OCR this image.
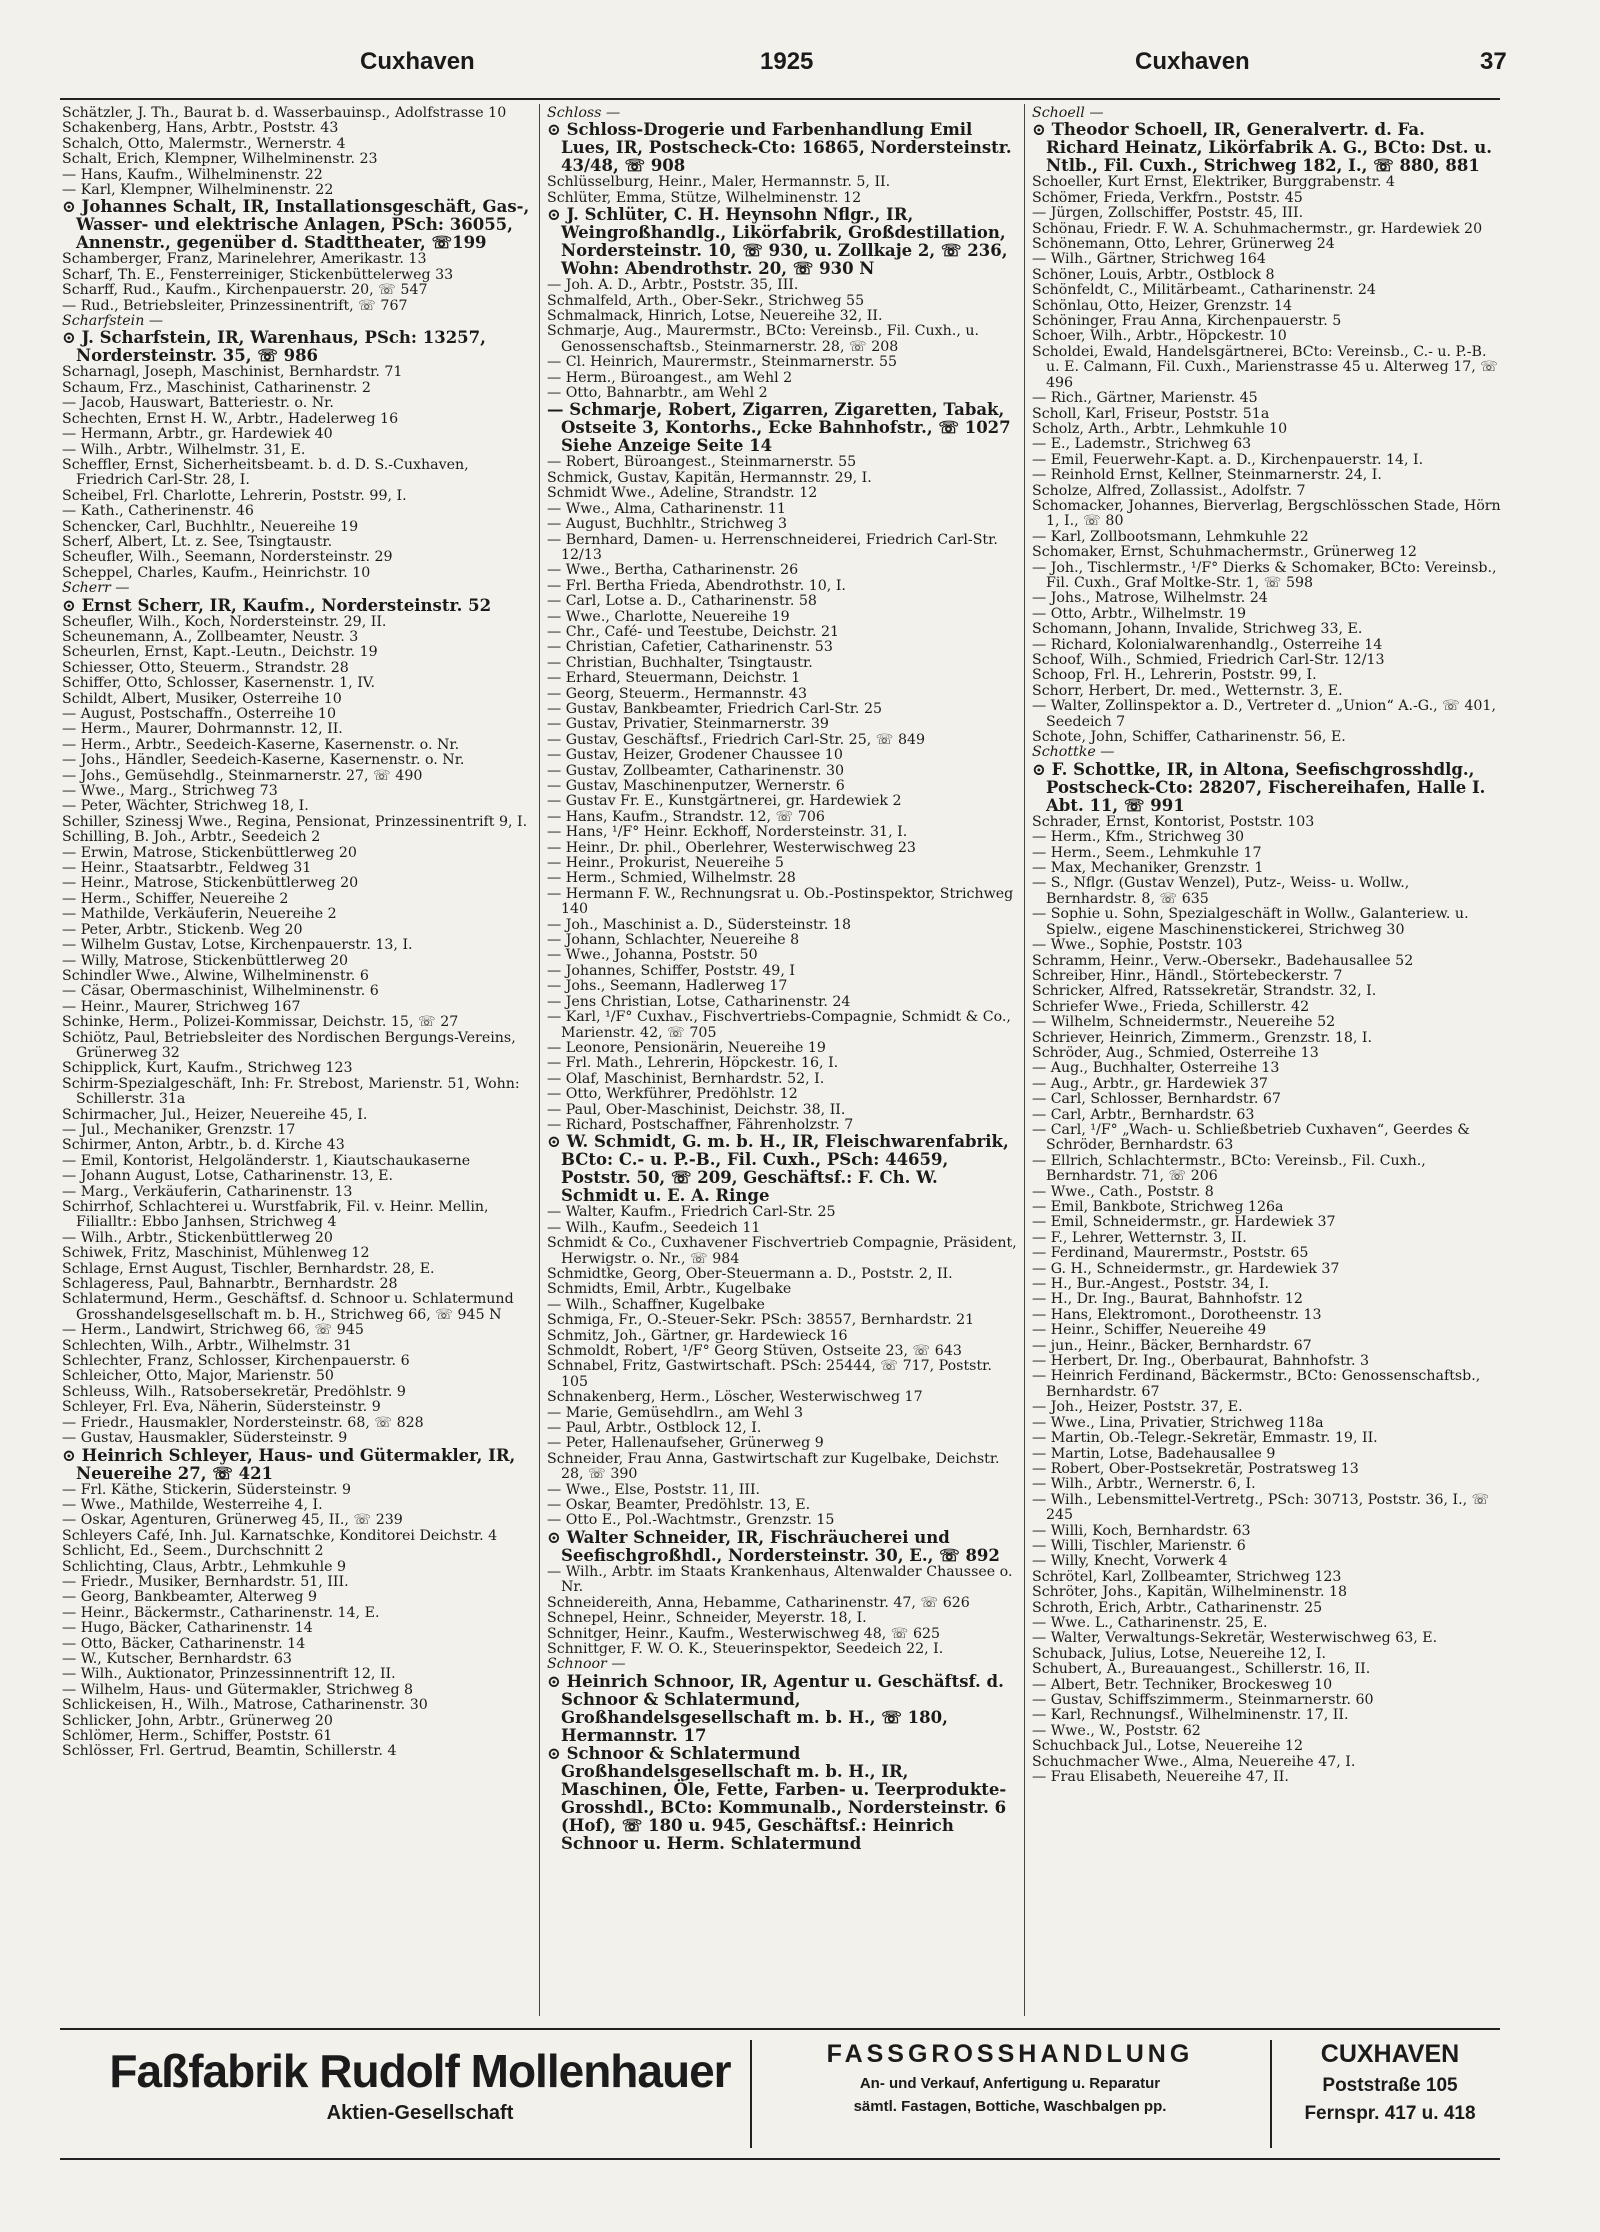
Cuxhaven	1925	Cuxhaven	37

Schätzler, J. Th., Baurat b. d. Wasserbauinsp., Adolfstrasse 10

Schakenberg, Hans, Arbtr., Poststr. 43

Schalch, Otto, Malermstr., Wernerstr. 4

Schalt, Erich, Klempner, Wilhelminenstr. 23

— Hans, Kaufm., Wilhelminenstr. 22

— Karl, Klempner, Wilhelminenstr. 22

⊙ Johannes Schalt, IR, Installationsgeschäft, Gas-, Wasser- und elektrische Anlagen, PSch: 36055, Annenstr., gegenüber d. Stadttheater, ☏199

Schamberger, Franz, Marinelehrer, Amerikastr. 13

Scharf, Th. E., Fensterreiniger, Stickenbüttelerweg 33

Scharff, Rud., Kaufm., Kirchenpauerstr. 20, ☏ 547

— Rud., Betriebsleiter, Prinzessinentrift, ☏ 767

Scharfstein —

⊙ J. Scharfstein, IR, Warenhaus, PSch: 13257, Nordersteinstr. 35, ☏ 986

Scharnagl, Joseph, Maschinist, Bernhardstr. 71

Schaum, Frz., Maschinist, Catharinenstr. 2

— Jacob, Hauswart, Batteriestr. o. Nr.

Schechten, Ernst H. W., Arbtr., Hadelerweg 16

— Hermann, Arbtr., gr. Hardewiek 40

— Wilh., Arbtr., Wilhelmstr. 31, E.

Scheffler, Ernst, Sicherheitsbeamt. b. d. D. S.-Cuxhaven, Friedrich Carl-Str. 28, I.

Scheibel, Frl. Charlotte, Lehrerin, Poststr. 99, I.

— Kath., Catherinenstr. 46

Schencker, Carl, Buchhltr., Neuereihe 19

Scherf, Albert, Lt. z. See, Tsingtaustr.

Scheufler, Wilh., Seemann, Nordersteinstr. 29

Scheppel, Charles, Kaufm., Heinrichstr. 10

Scherr —

⊙ Ernst Scherr, IR, Kaufm., Nordersteinstr. 52

Scheufler, Wilh., Koch, Nordersteinstr. 29, II.

Scheunemann, A., Zollbeamter, Neustr. 3

Scheurlen, Ernst, Kapt.-Leutn., Deichstr. 19

Schiesser, Otto, Steuerm., Strandstr. 28

Schiffer, Otto, Schlosser, Kasernenstr. 1, IV.

Schildt, Albert, Musiker, Osterreihe 10

— August, Postschaffn., Osterreihe 10

— Herm., Maurer, Dohrmannstr. 12, II.

— Herm., Arbtr., Seedeich-Kaserne, Kasernenstr. o. Nr.

— Johs., Händler, Seedeich-Kaserne, Kasernenstr. o. Nr.

— Johs., Gemüsehdlg., Steinmarnerstr. 27, ☏ 490

— Wwe., Marg., Strichweg 73

— Peter, Wächter, Strichweg 18, I.

Schiller, Szinessj Wwe., Regina, Pensionat, Prinzessinentrift 9, I.

Schilling, B. Joh., Arbtr., Seedeich 2

— Erwin, Matrose, Stickenbüttlerweg 20

— Heinr., Staatsarbtr., Feldweg 31

— Heinr., Matrose, Stickenbüttlerweg 20

— Herm., Schiffer, Neuereihe 2

— Mathilde, Verkäuferin, Neuereihe 2

— Peter, Arbtr., Stickenb. Weg 20

— Wilhelm Gustav, Lotse, Kirchenpauerstr. 13, I.

— Willy, Matrose, Stickenbüttlerweg 20

Schindler Wwe., Alwine, Wilhelminenstr. 6

— Cäsar, Obermaschinist, Wilhelminenstr. 6

— Heinr., Maurer, Strichweg 167

Schinke, Herm., Polizei-Kommissar, Deichstr. 15, ☏ 27

Schiötz, Paul, Betriebsleiter des Nordischen Bergungs-Vereins, Grünerweg 32

Schipplick, Kurt, Kaufm., Strichweg 123

Schirm-Spezialgeschäft, Inh: Fr. Strebost, Marienstr. 51, Wohn: Schillerstr. 31a

Schirmacher, Jul., Heizer, Neuereihe 45, I.

— Jul., Mechaniker, Grenzstr. 17

Schirmer, Anton, Arbtr., b. d. Kirche 43

— Emil, Kontorist, Helgoländerstr. 1, Kiautschaukaserne

— Johann August, Lotse, Catharinenstr. 13, E.

— Marg., Verkäuferin, Catharinenstr. 13

Schirrhof, Schlachterei u. Wurstfabrik, Fil. v. Heinr. Mellin, Filialltr.: Ebbo Janhsen, Strichweg 4

— Wilh., Arbtr., Stickenbüttlerweg 20

Schiwek, Fritz, Maschinist, Mühlenweg 12

Schlage, Ernst August, Tischler, Bernhardstr. 28, E.

Schlageress, Paul, Bahnarbtr., Bernhardstr. 28

Schlatermund, Herm., Geschäftsf. d. Schnoor u. Schlatermund Grosshandelsgesellschaft m. b. H., Strichweg 66, ☏ 945 N

— Herm., Landwirt, Strichweg 66, ☏ 945

Schlechten, Wilh., Arbtr., Wilhelmstr. 31

Schlechter, Franz, Schlosser, Kirchenpauerstr. 6

Schleicher, Otto, Major, Marienstr. 50

Schleuss, Wilh., Ratsobersekretär, Predöhlstr. 9

Schleyer, Frl. Eva, Näherin, Südersteinstr. 9

— Friedr., Hausmakler, Nordersteinstr. 68, ☏ 828

— Gustav, Hausmakler, Südersteinstr. 9

⊙ Heinrich Schleyer, Haus- und Gütermakler, IR, Neuereihe 27, ☏ 421

— Frl. Käthe, Stickerin, Südersteinstr. 9

— Wwe., Mathilde, Westerreihe 4, I.

— Oskar, Agenturen, Grünerweg 45, II., ☏ 239

Schleyers Café, Inh. Jul. Karnatschke, Konditorei Deichstr. 4

Schlicht, Ed., Seem., Durchschnitt 2

Schlichting, Claus, Arbtr., Lehmkuhle 9

— Friedr., Musiker, Bernhardstr. 51, III.

— Georg, Bankbeamter, Alterweg 9

— Heinr., Bäckermstr., Catharinenstr. 14, E.

— Hugo, Bäcker, Catharinenstr. 14

— Otto, Bäcker, Catharinenstr. 14

— W., Kutscher, Bernhardstr. 63

— Wilh., Auktionator, Prinzessinnentrift 12, II.

— Wilhelm, Haus- und Gütermakler, Strichweg 8

Schlickeisen, H., Wilh., Matrose, Catharinenstr. 30

Schlicker, John, Arbtr., Grünerweg 20

Schlömer, Herm., Schiffer, Poststr. 61

Schlösser, Frl. Gertrud, Beamtin, Schillerstr. 4

Schloss —

⊙ Schloss-Drogerie und Farbenhandlung Emil Lues, IR, Postscheck-Cto: 16865, Nordersteinstr. 43/48, ☏ 908

Schlüsselburg, Heinr., Maler, Hermannstr. 5, II.

Schlüter, Emma, Stütze, Wilhelminenstr. 12

⊙ J. Schlüter, C. H. Heynsohn Nflgr., IR, Weingroßhandlg., Likörfabrik, Großdestillation, Nordersteinstr. 10, ☏ 930, u. Zollkaje 2, ☏ 236, Wohn: Abendrothstr. 20, ☏ 930 N

— Joh. A. D., Arbtr., Poststr. 35, III.

Schmalfeld, Arth., Ober-Sekr., Strichweg 55

Schmalmack, Hinrich, Lotse, Neuereihe 32, II.

Schmarje, Aug., Maurermstr., BCto: Vereinsb., Fil. Cuxh., u. Genossenschaftsb., Steinmarnerstr. 28, ☏ 208

— Cl. Heinrich, Maurermstr., Steinmarnerstr. 55

— Herm., Büroangest., am Wehl 2

— Otto, Bahnarbtr., am Wehl 2

— Schmarje, Robert, Zigarren, Zigaretten, Tabak, Ostseite 3, Kontorhs., Ecke Bahnhofstr., ☏ 1027 Siehe Anzeige Seite 14

— Robert, Büroangest., Steinmarnerstr. 55

Schmick, Gustav, Kapitän, Hermannstr. 29, I.

Schmidt Wwe., Adeline, Strandstr. 12

— Wwe., Alma, Catharinenstr. 11

— August, Buchhltr., Strichweg 3

— Bernhard, Damen- u. Herrenschneiderei, Friedrich Carl-Str. 12/13

— Wwe., Bertha, Catharinenstr. 26

— Frl. Bertha Frieda, Abendrothstr. 10, I.

— Carl, Lotse a. D., Catharinenstr. 58

— Wwe., Charlotte, Neuereihe 19

— Chr., Café- und Teestube, Deichstr. 21

— Christian, Cafetier, Catharinenstr. 53

— Christian, Buchhalter, Tsingtaustr.

— Erhard, Steuermann, Deichstr. 1

— Georg, Steuerm., Hermannstr. 43

— Gustav, Bankbeamter, Friedrich Carl-Str. 25

— Gustav, Privatier, Steinmarnerstr. 39

— Gustav, Geschäftsf., Friedrich Carl-Str. 25, ☏ 849

— Gustav, Heizer, Grodener Chaussee 10

— Gustav, Zollbeamter, Catharinenstr. 30

— Gustav, Maschinenputzer, Wernerstr. 6

— Gustav Fr. E., Kunstgärtnerei, gr. Hardewiek 2

— Hans, Kaufm., Strandstr. 12, ☏ 706

— Hans, ¹/F° Heinr. Eckhoff, Nordersteinstr. 31, I.

— Heinr., Dr. phil., Oberlehrer, Westerwischweg 23

— Heinr., Prokurist, Neuereihe 5

— Herm., Schmied, Wilhelmstr. 28

— Hermann F. W., Rechnungsrat u. Ob.-Postinspektor, Strichweg 140

— Joh., Maschinist a. D., Südersteinstr. 18

— Johann, Schlachter, Neuereihe 8

— Wwe., Johanna, Poststr. 50

— Johannes, Schiffer, Poststr. 49, I

— Johs., Seemann, Hadlerweg 17

— Jens Christian, Lotse, Catharinenstr. 24

— Karl, ¹/F° Cuxhav., Fischvertriebs-Compagnie, Schmidt & Co., Marienstr. 42, ☏ 705

— Leonore, Pensionärin, Neuereihe 19

— Frl. Math., Lehrerin, Höpckestr. 16, I.

— Olaf, Maschinist, Bernhardstr. 52, I.

— Otto, Werkführer, Predöhlstr. 12

— Paul, Ober-Maschinist, Deichstr. 38, II.

— Richard, Postschaffner, Fährenholzstr. 7

⊙ W. Schmidt, G. m. b. H., IR, Fleischwarenfabrik, BCto: C.- u. P.-B., Fil. Cuxh., PSch: 44659, Poststr. 50, ☏ 209, Geschäftsf.: F. Ch. W. Schmidt u. E. A. Ringe

— Walter, Kaufm., Friedrich Carl-Str. 25

— Wilh., Kaufm., Seedeich 11

Schmidt & Co., Cuxhavener Fischvertrieb Compagnie, Präsident, Herwigstr. o. Nr., ☏ 984

Schmidtke, Georg, Ober-Steuermann a. D., Poststr. 2, II.

Schmidts, Emil, Arbtr., Kugelbake

— Wilh., Schaffner, Kugelbake

Schmiga, Fr., O.-Steuer-Sekr. PSch: 38557, Bernhardstr. 21

Schmitz, Joh., Gärtner, gr. Hardewieck 16

Schmoldt, Robert, ¹/F° Georg Stüven, Ostseite 23, ☏ 643

Schnabel, Fritz, Gastwirtschaft. PSch: 25444, ☏ 717, Poststr. 105

Schnakenberg, Herm., Löscher, Westerwischweg 17

— Marie, Gemüsehdlrn., am Wehl 3

— Paul, Arbtr., Ostblock 12, I.

— Peter, Hallenaufseher, Grünerweg 9

Schneider, Frau Anna, Gastwirtschaft zur Kugelbake, Deichstr. 28, ☏ 390

— Wwe., Else, Poststr. 11, III.

— Oskar, Beamter, Predöhlstr. 13, E.

— Otto E., Pol.-Wachtmstr., Grenzstr. 15

⊙ Walter Schneider, IR, Fischräucherei und Seefischgroßhdl., Nordersteinstr. 30, E., ☏ 892

— Wilh., Arbtr. im Staats Krankenhaus, Altenwalder Chaussee o. Nr.

Schneidereith, Anna, Hebamme, Catharinenstr. 47, ☏ 626

Schnepel, Heinr., Schneider, Meyerstr. 18, I.

Schnitger, Heinr., Kaufm., Westerwischweg 48, ☏ 625

Schnittger, F. W. O. K., Steuerinspektor, Seedeich 22, I.

Schnoor —

⊙ Heinrich Schnoor, IR, Agentur u. Geschäftsf. d. Schnoor & Schlatermund, Großhandelsgesellschaft m. b. H., ☏ 180, Hermannstr. 17

⊙ Schnoor & Schlatermund Großhandelsgesellschaft m. b. H., IR, Maschinen, Öle, Fette, Farben- u. Teerprodukte-Grosshdl., BCto: Kommunalb., Nordersteinstr. 6 (Hof), ☏ 180 u. 945, Geschäftsf.: Heinrich Schnoor u. Herm. Schlatermund

Schoell —

⊙ Theodor Schoell, IR, Generalvertr. d. Fa. Richard Heinatz, Likörfabrik A. G., BCto: Dst. u. Ntlb., Fil. Cuxh., Strichweg 182, I., ☏ 880, 881

Schoeller, Kurt Ernst, Elektriker, Burggrabenstr. 4

Schömer, Frieda, Verkfrn., Poststr. 45

— Jürgen, Zollschiffer, Poststr. 45, III.

Schönau, Friedr. F. W. A. Schuhmachermstr., gr. Hardewiek 20

Schönemann, Otto, Lehrer, Grünerweg 24

— Wilh., Gärtner, Strichweg 164

Schöner, Louis, Arbtr., Ostblock 8

Schönfeldt, C., Militärbeamt., Catharinenstr. 24

Schönlau, Otto, Heizer, Grenzstr. 14

Schöninger, Frau Anna, Kirchenpauerstr. 5

Schoer, Wilh., Arbtr., Höpckestr. 10

Scholdei, Ewald, Handelsgärtnerei, BCto: Vereinsb., C.- u. P.-B. u. E. Calmann, Fil. Cuxh., Marienstrasse 45 u. Alterweg 17, ☏ 496

— Rich., Gärtner, Marienstr. 45

Scholl, Karl, Friseur, Poststr. 51a

Scholz, Arth., Arbtr., Lehmkuhle 10

— E., Lademstr., Strichweg 63

— Emil, Feuerwehr-Kapt. a. D., Kirchenpauerstr. 14, I.

— Reinhold Ernst, Kellner, Steinmarnerstr. 24, I.

Scholze, Alfred, Zollassist., Adolfstr. 7

Schomacker, Johannes, Bierverlag, Bergschlösschen Stade, Hörn 1, I., ☏ 80

— Karl, Zollbootsmann, Lehmkuhle 22

Schomaker, Ernst, Schuhmachermstr., Grünerweg 12

— Joh., Tischlermstr., ¹/F° Dierks & Schomaker, BCto: Vereinsb., Fil. Cuxh., Graf Moltke-Str. 1, ☏ 598

— Johs., Matrose, Wilhelmstr. 24

— Otto, Arbtr., Wilhelmstr. 19

Schomann, Johann, Invalide, Strichweg 33, E.

— Richard, Kolonialwarenhandlg., Osterreihe 14

Schoof, Wilh., Schmied, Friedrich Carl-Str. 12/13

Schoop, Frl. H., Lehrerin, Poststr. 99, I.

Schorr, Herbert, Dr. med., Wetternstr. 3, E.

— Walter, Zollinspektor a. D., Vertreter d. „Union“ A.-G., ☏ 401, Seedeich 7

Schote, John, Schiffer, Catharinenstr. 56, E.

Schottke —

⊙ F. Schottke, IR, in Altona, Seefischgrosshdlg., Postscheck-Cto: 28207, Fischereihafen, Halle I. Abt. 11, ☏ 991

Schrader, Ernst, Kontorist, Poststr. 103

— Herm., Kfm., Strichweg 30

— Herm., Seem., Lehmkuhle 17

— Max, Mechaniker, Grenzstr. 1

— S., Nflgr. (Gustav Wenzel), Putz-, Weiss- u. Wollw., Bernhardstr. 8, ☏ 635

— Sophie u. Sohn, Spezialgeschäft in Wollw., Galanteriew. u. Spielw., eigene Maschinenstickerei, Strichweg 30

— Wwe., Sophie, Poststr. 103

Schramm, Heinr., Verw.-Obersekr., Badehausallee 52

Schreiber, Hinr., Händl., Störtebeckerstr. 7

Schricker, Alfred, Ratssekretär, Strandstr. 32, I.

Schriefer Wwe., Frieda, Schillerstr. 42

— Wilhelm, Schneidermstr., Neuereihe 52

Schriever, Heinrich, Zimmerm., Grenzstr. 18, I.

Schröder, Aug., Schmied, Osterreihe 13

— Aug., Buchhalter, Osterreihe 13

— Aug., Arbtr., gr. Hardewiek 37

— Carl, Schlosser, Bernhardstr. 67

— Carl, Arbtr., Bernhardstr. 63

— Carl, ¹/F° „Wach- u. Schließbetrieb Cuxhaven“, Geerdes & Schröder, Bernhardstr. 63

— Ellrich, Schlachtermstr., BCto: Vereinsb., Fil. Cuxh., Bernhardstr. 71, ☏ 206

— Wwe., Cath., Poststr. 8

— Emil, Bankbote, Strichweg 126a

— Emil, Schneidermstr., gr. Hardewiek 37

— F., Lehrer, Wetternstr. 3, II.

— Ferdinand, Maurermstr., Poststr. 65

— G. H., Schneidermstr., gr. Hardewiek 37

— H., Bur.-Angest., Poststr. 34, I.

— H., Dr. Ing., Baurat, Bahnhofstr. 12

— Hans, Elektromont., Dorotheenstr. 13

— Heinr., Schiffer, Neuereihe 49

— jun., Heinr., Bäcker, Bernhardstr. 67

— Herbert, Dr. Ing., Oberbaurat, Bahnhofstr. 3

— Heinrich Ferdinand, Bäckermstr., BCto: Genossenschaftsb., Bernhardstr. 67

— Joh., Heizer, Poststr. 37, E.

— Wwe., Lina, Privatier, Strichweg 118a

— Martin, Ob.-Telegr.-Sekretär, Emmastr. 19, II.

— Martin, Lotse, Badehausallee 9

— Robert, Ober-Postsekretär, Postratsweg 13

— Wilh., Arbtr., Wernerstr. 6, I.

— Wilh., Lebensmittel-Vertretg., PSch: 30713, Poststr. 36, I., ☏ 245

— Willi, Koch, Bernhardstr. 63

— Willi, Tischler, Marienstr. 6

— Willy, Knecht, Vorwerk 4

Schrötel, Karl, Zollbeamter, Strichweg 123

Schröter, Johs., Kapitän, Wilhelminenstr. 18

Schroth, Erich, Arbtr., Catharinenstr. 25

— Wwe. L., Catharinenstr. 25, E.

— Walter, Verwaltungs-Sekretär, Westerwischweg 63, E.

Schuback, Julius, Lotse, Neuereihe 12, I.

Schubert, A., Bureauangest., Schillerstr. 16, II.

— Albert, Betr. Techniker, Brockesweg 10

— Gustav, Schiffszimmerm., Steinmarnerstr. 60

— Karl, Rechnungsf., Wilhelminenstr. 17, II.

— Wwe., W., Poststr. 62

Schuchback Jul., Lotse, Neuereihe 12

Schuchmacher Wwe., Alma, Neuereihe 47, I.

— Frau Elisabeth, Neuereihe 47, II.

Faßfabrik Rudolf Mollenhauer
Aktien-Gesellschaft
FASSGROSSHANDLUNG
An- und Verkauf, Anfertigung u. Reparatur
sämtl. Fastagen, Bottiche, Waschbalgen pp.
CUXHAVEN
Poststraße 105
Fernspr. 417 u. 418
